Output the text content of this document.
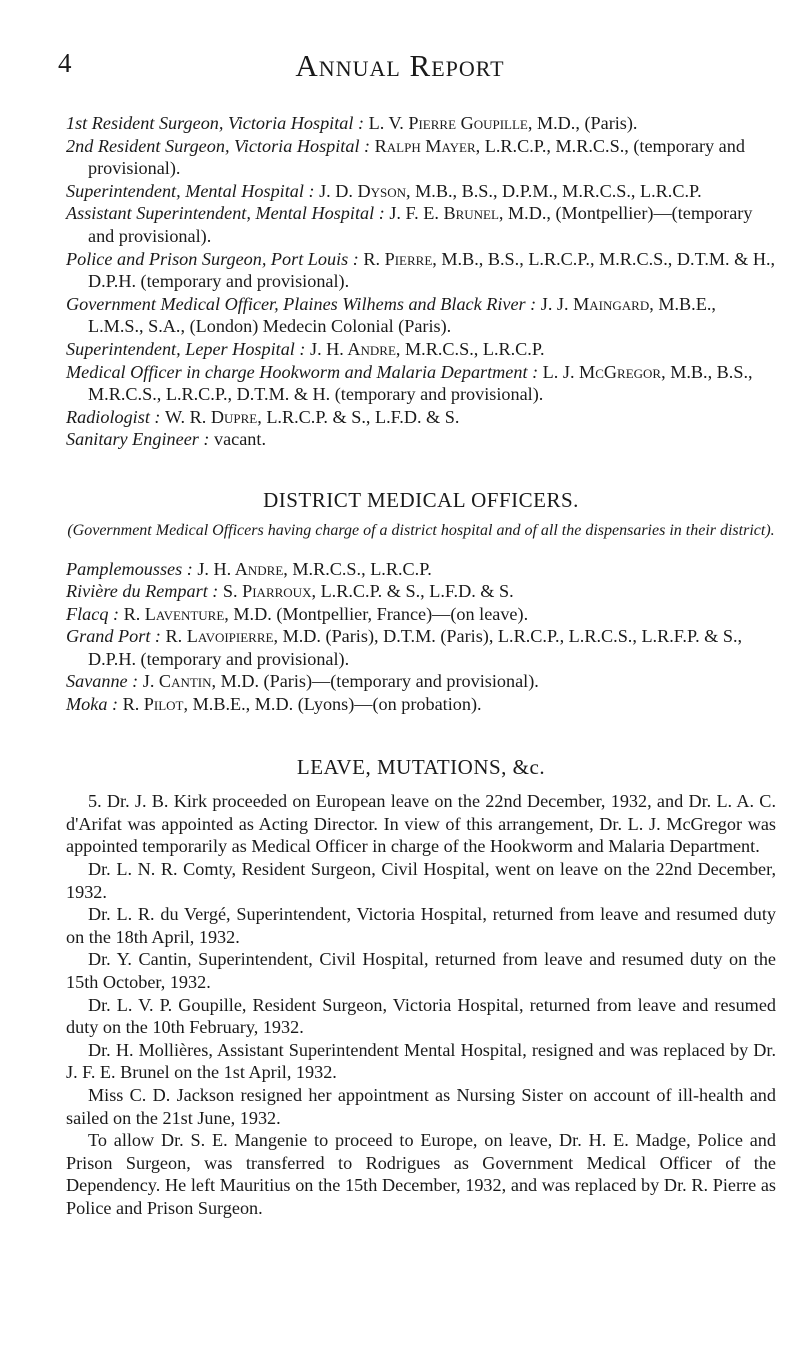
4	Annual Report

1st Resident Surgeon, Victoria Hospital : L. V. Pierre Goupille, M.D., (Paris).

2nd Resident Surgeon, Victoria Hospital : Ralph Mayer, L.R.C.P., M.R.C.S., (temporary and provisional).

Superintendent, Mental Hospital : J. D. Dyson, M.B., B.S., D.P.M., M.R.C.S., L.R.C.P.

Assistant Superintendent, Mental Hospital : J. F. E. Brunel, M.D., (Montpellier)—(temporary and provisional).

Police and Prison Surgeon, Port Louis : R. Pierre, M.B., B.S., L.R.C.P., M.R.C.S., D.T.M. & H., D.P.H. (temporary and provisional).

Government Medical Officer, Plaines Wilhems and Black River : J. J. Maingard, M.B.E., L.M.S., S.A., (London) Medecin Colonial (Paris).

Superintendent, Leper Hospital : J. H. Andre, M.R.C.S., L.R.C.P.

Medical Officer in charge Hookworm and Malaria Department : L. J. McGregor, M.B., B.S., M.R.C.S., L.R.C.P., D.T.M. & H. (temporary and provisional).

Radiologist : W. R. Dupre, L.R.C.P. & S., L.F.D. & S.

Sanitary Engineer : vacant.

DISTRICT MEDICAL OFFICERS.

(Government Medical Officers having charge of a district hospital and of all the dispensaries in their district).

Pamplemousses : J. H. Andre, M.R.C.S., L.R.C.P.

Rivière du Rempart : S. Piarroux, L.R.C.P. & S., L.F.D. & S.

Flacq : R. Laventure, M.D. (Montpellier, France)—(on leave).

Grand Port : R. Lavoipierre, M.D. (Paris), D.T.M. (Paris), L.R.C.P., L.R.C.S., L.R.F.P. & S., D.P.H. (temporary and provisional).

Savanne : J. Cantin, M.D. (Paris)—(temporary and provisional).

Moka : R. Pilot, M.B.E., M.D. (Lyons)—(on probation).

LEAVE, MUTATIONS, &c.

5. Dr. J. B. Kirk proceeded on European leave on the 22nd December, 1932, and Dr. L. A. C. d'Arifat was appointed as Acting Director. In view of this arrangement, Dr. L. J. McGregor was appointed temporarily as Medical Officer in charge of the Hookworm and Malaria Department.

Dr. L. N. R. Comty, Resident Surgeon, Civil Hospital, went on leave on the 22nd December, 1932.

Dr. L. R. du Vergé, Superintendent, Victoria Hospital, returned from leave and resumed duty on the 18th April, 1932.

Dr. Y. Cantin, Superintendent, Civil Hospital, returned from leave and resumed duty on the 15th October, 1932.

Dr. L. V. P. Goupille, Resident Surgeon, Victoria Hospital, returned from leave and resumed duty on the 10th February, 1932.

Dr. H. Mollières, Assistant Superintendent Mental Hospital, resigned and was replaced by Dr. J. F. E. Brunel on the 1st April, 1932.

Miss C. D. Jackson resigned her appointment as Nursing Sister on account of ill-health and sailed on the 21st June, 1932.

To allow Dr. S. E. Mangenie to proceed to Europe, on leave, Dr. H. E. Madge, Police and Prison Surgeon, was transferred to Rodrigues as Government Medical Officer of the Dependency. He left Mauritius on the 15th December, 1932, and was replaced by Dr. R. Pierre as Police and Prison Surgeon.
